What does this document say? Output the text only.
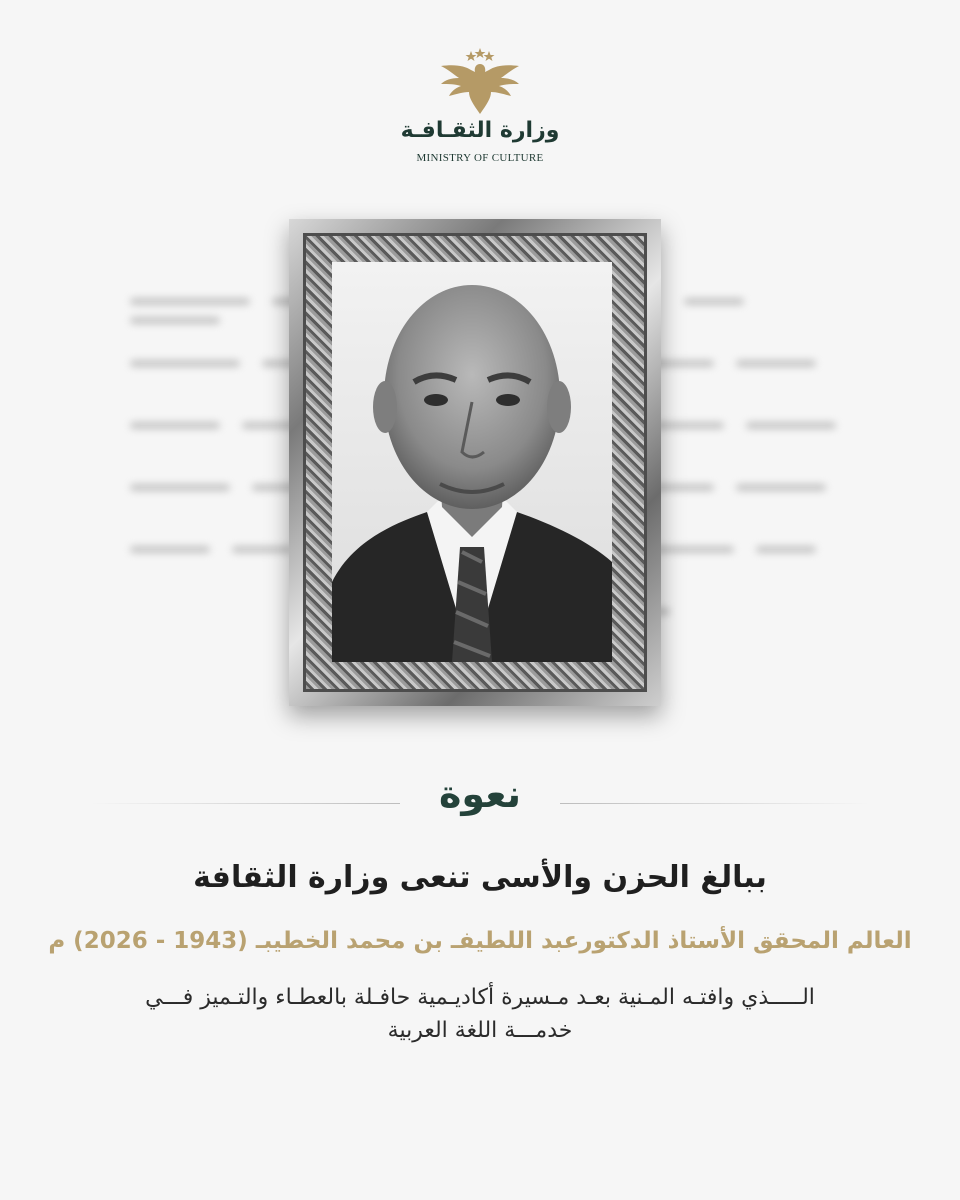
وزارة الثقـافـة
MINISTRY OF CULTURE
نعوة
ببالغ الحزن والأسى تنعى وزارة الثقافة
العالم المحقق الأستاذ الدكتورعبد اللطيفـ بن محمد الخطيبـ (1943 - 2026) م
الـــــذي وافتـه المـنية بعـد مـسيرة أكاديـمية حافـلة بالعطـاء والتـميز فـــي
خدمـــة اللغة العربية
